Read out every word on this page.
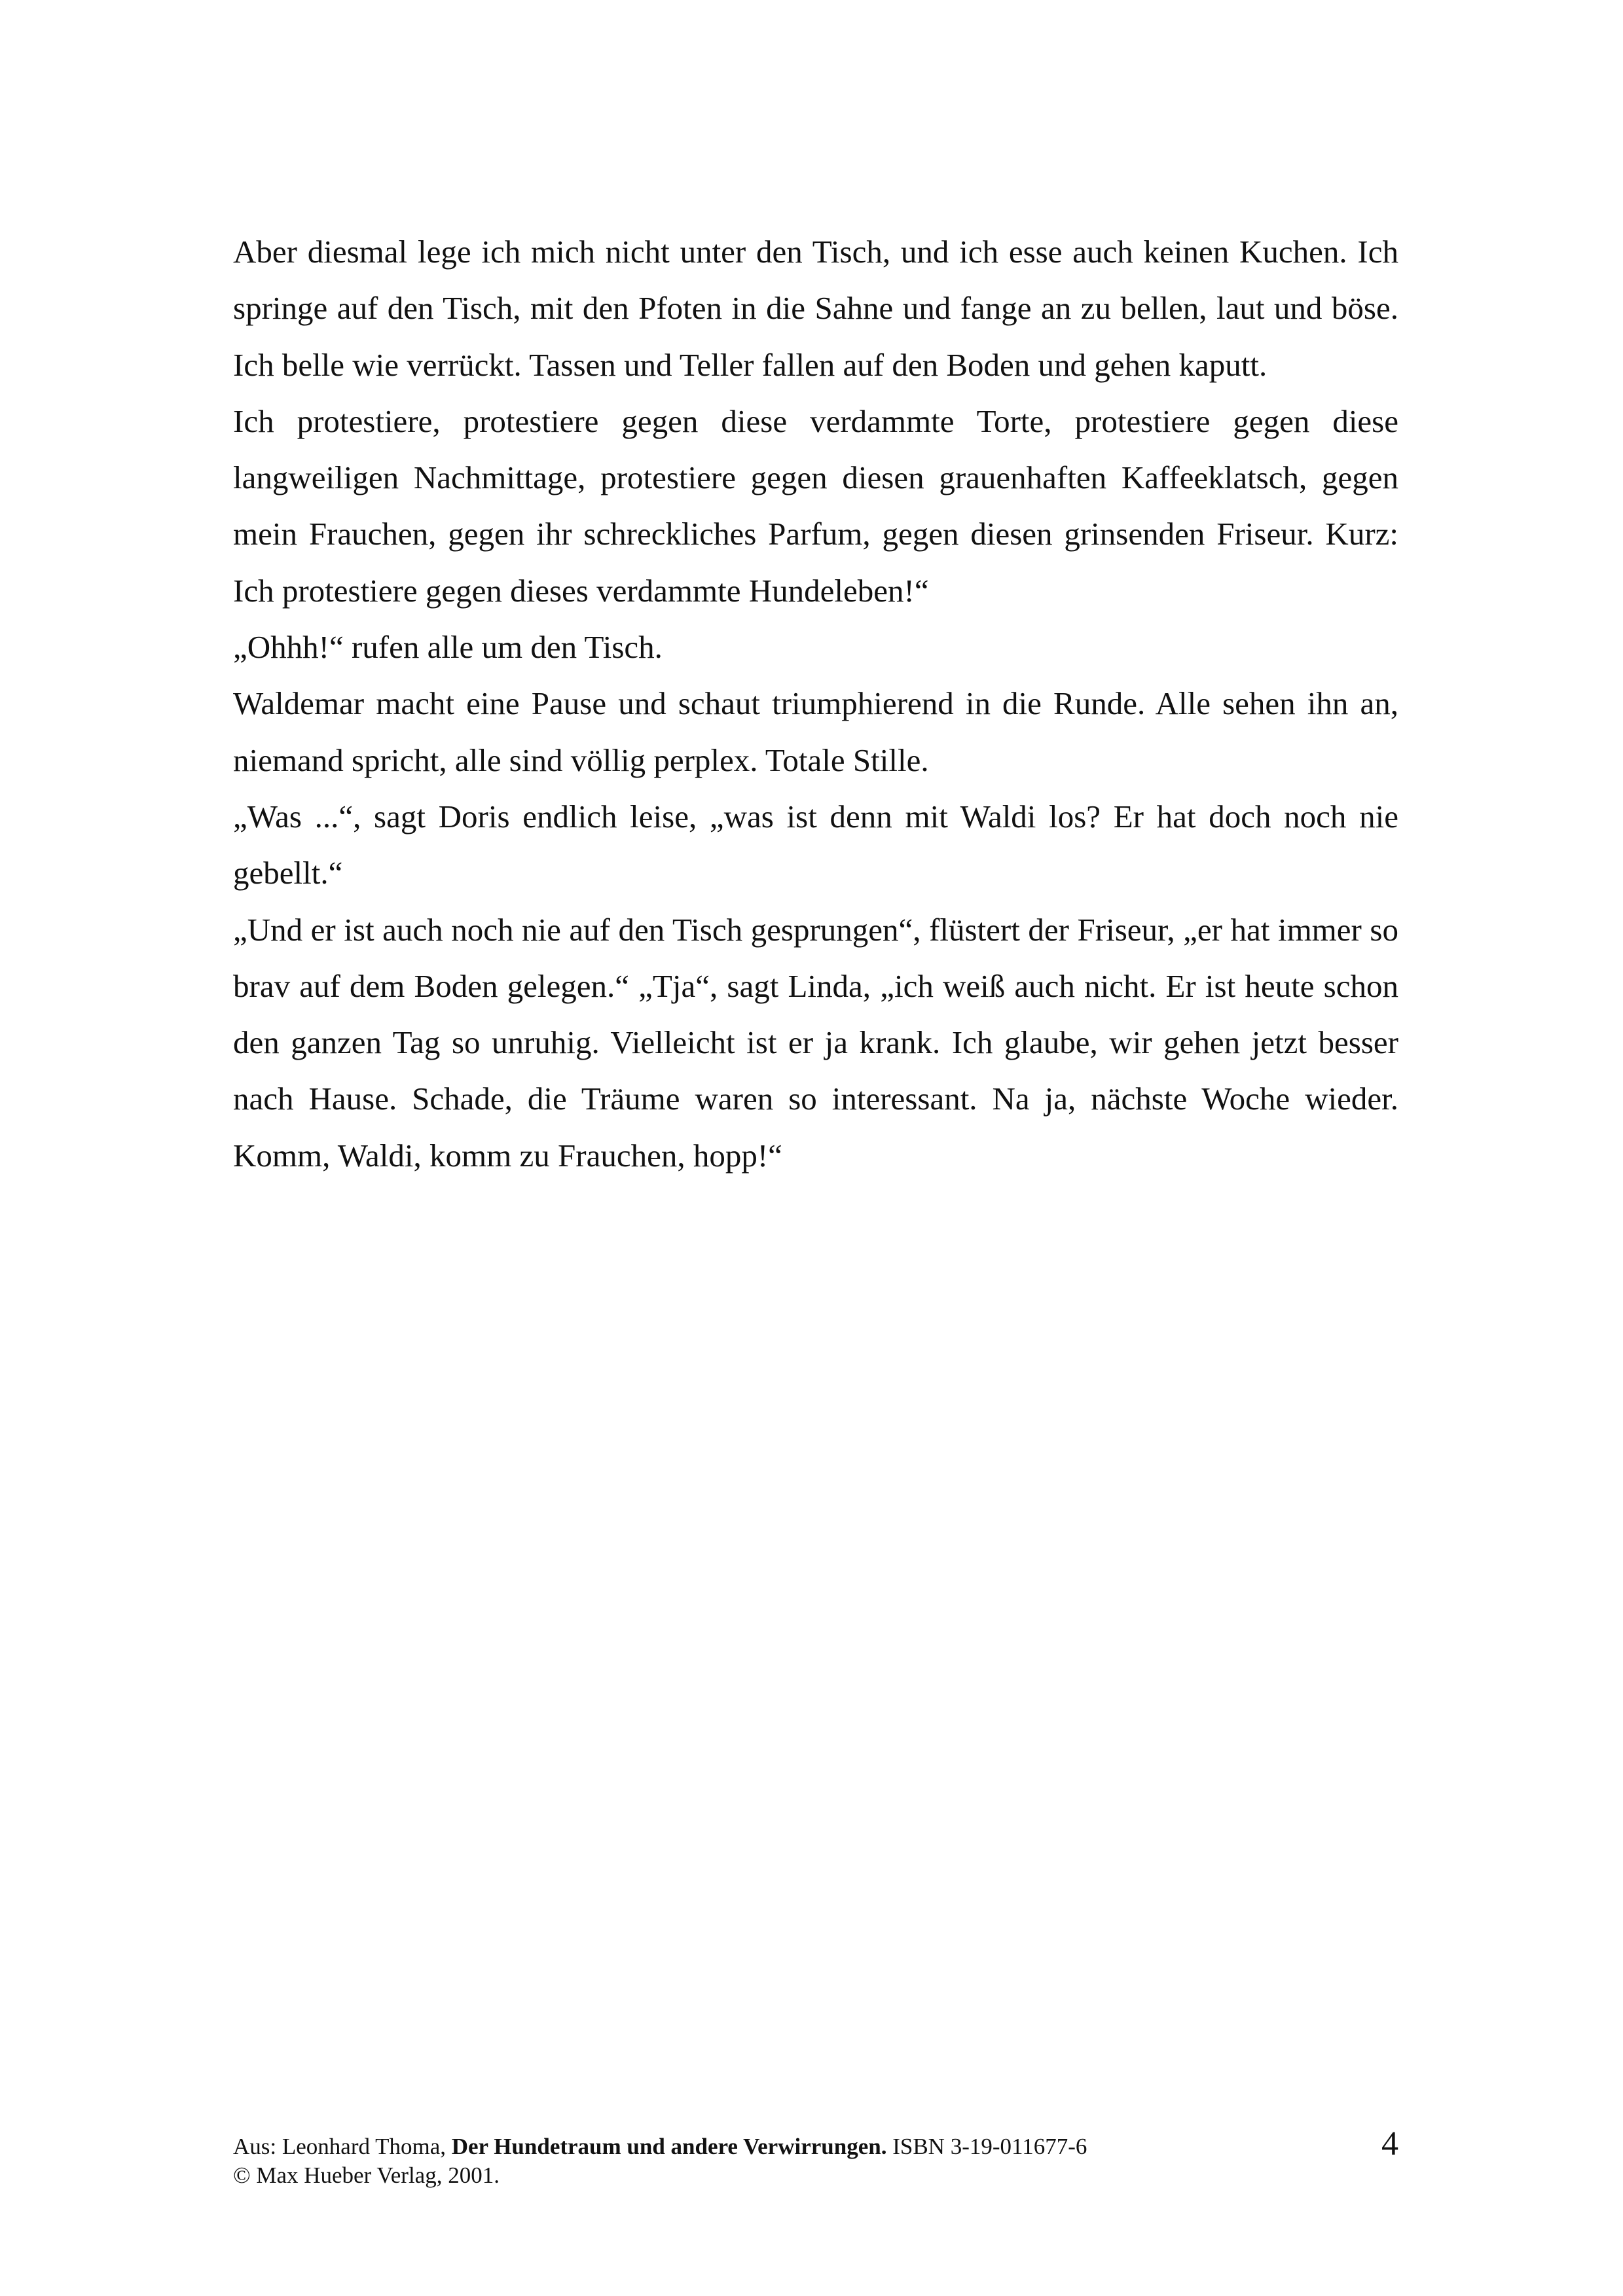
Aber diesmal lege ich mich nicht unter den Tisch, und ich esse auch keinen Kuchen. Ich springe auf den Tisch, mit den Pfoten in die Sahne und fange an zu bellen, laut und böse. Ich belle wie verrückt. Tassen und Teller fallen auf den Boden und gehen kaputt.

Ich protestiere, protestiere gegen diese verdammte Torte, protestiere gegen diese langweiligen Nachmittage, protestiere gegen diesen grauenhaften Kaffeeklatsch, gegen mein Frauchen, gegen ihr schreckliches Parfum, gegen diesen grinsenden Friseur. Kurz: Ich protestiere gegen dieses verdammte Hundeleben!“

„Ohhh!“ rufen alle um den Tisch.

Waldemar macht eine Pause und schaut triumphierend in die Runde. Alle sehen ihn an, niemand spricht, alle sind völlig perplex. Totale Stille.

„Was ...“, sagt Doris endlich leise, „was ist denn mit Waldi los? Er hat doch noch nie gebellt.“

„Und er ist auch noch nie auf den Tisch gesprungen“, flüstert der Friseur, „er hat immer so brav auf dem Boden gelegen.“ „Tja“, sagt Linda, „ich weiß auch nicht. Er ist heute schon den ganzen Tag so unruhig. Vielleicht ist er ja krank. Ich glaube, wir gehen jetzt besser nach Hause. Schade, die Träume waren so interessant. Na ja, nächste Woche wieder. Komm, Waldi, komm zu Frauchen, hopp!“

Aus: Leonhard Thoma, Der Hundetraum und andere Verwirrungen. ISBN 3-19-011677-6
© Max Hueber Verlag, 2001.
4
